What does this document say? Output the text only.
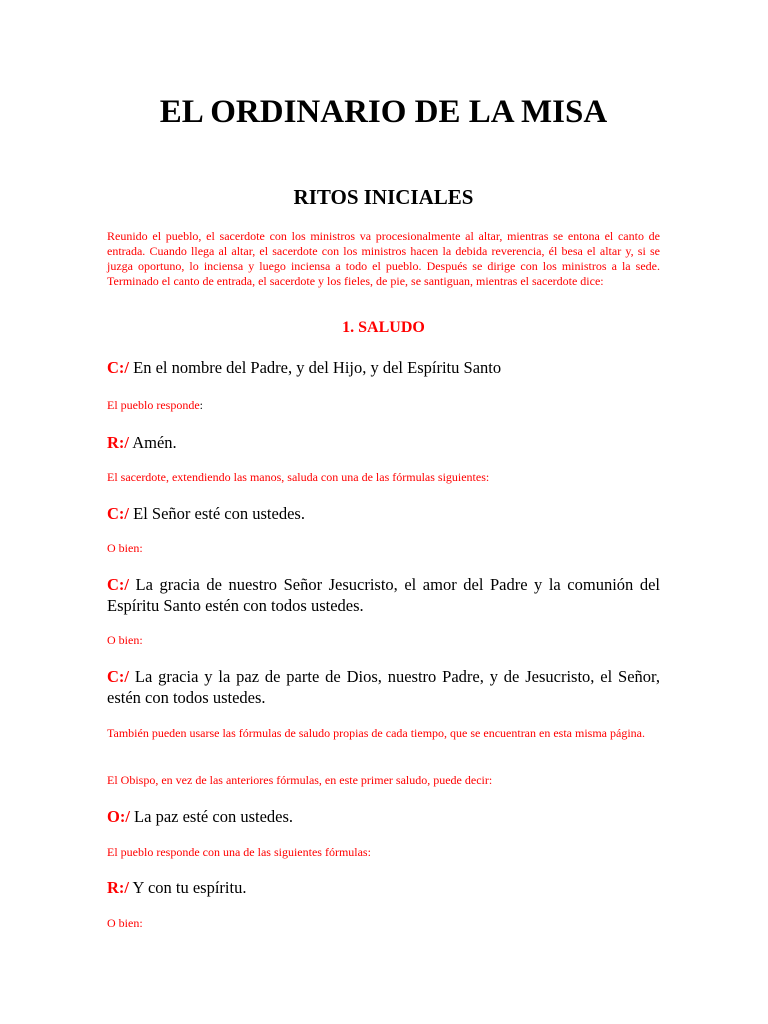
EL ORDINARIO DE LA MISA
RITOS INICIALES

Reunido el pueblo, el sacerdote con los ministros va procesionalmente al altar, mientras se entona el canto de entrada. Cuando llega al altar, el sacerdote con los ministros hacen la debida reverencia, él besa el altar y, si se juzga oportuno, lo inciensa y luego inciensa a todo el pueblo. Después se dirige con los ministros a la sede. Terminado el canto de entrada, el sacerdote y los fieles, de pie, se santiguan, mientras el sacerdote dice:

1. SALUDO

C:/ En el nombre del Padre, y del Hijo, y del Espíritu Santo

El pueblo responde:

R:/ Amén.

El sacerdote, extendiendo las manos, saluda con una de las fórmulas siguientes:

C:/ El Señor esté con ustedes.

O bien:

C:/ La gracia de nuestro Señor Jesucristo, el amor del Padre y la comunión del Espíritu Santo estén con todos ustedes.

O bien:

C:/ La gracia y la paz de parte de Dios, nuestro Padre, y de Jesucristo, el Señor, estén con todos ustedes.

También pueden usarse las fórmulas de saludo propias de cada tiempo, que se encuentran en esta misma página.

El Obispo, en vez de las anteriores fórmulas, en este primer saludo, puede decir:

O:/ La paz esté con ustedes.

El pueblo responde con una de las siguientes fórmulas:

R:/ Y con tu espíritu.

O bien:
